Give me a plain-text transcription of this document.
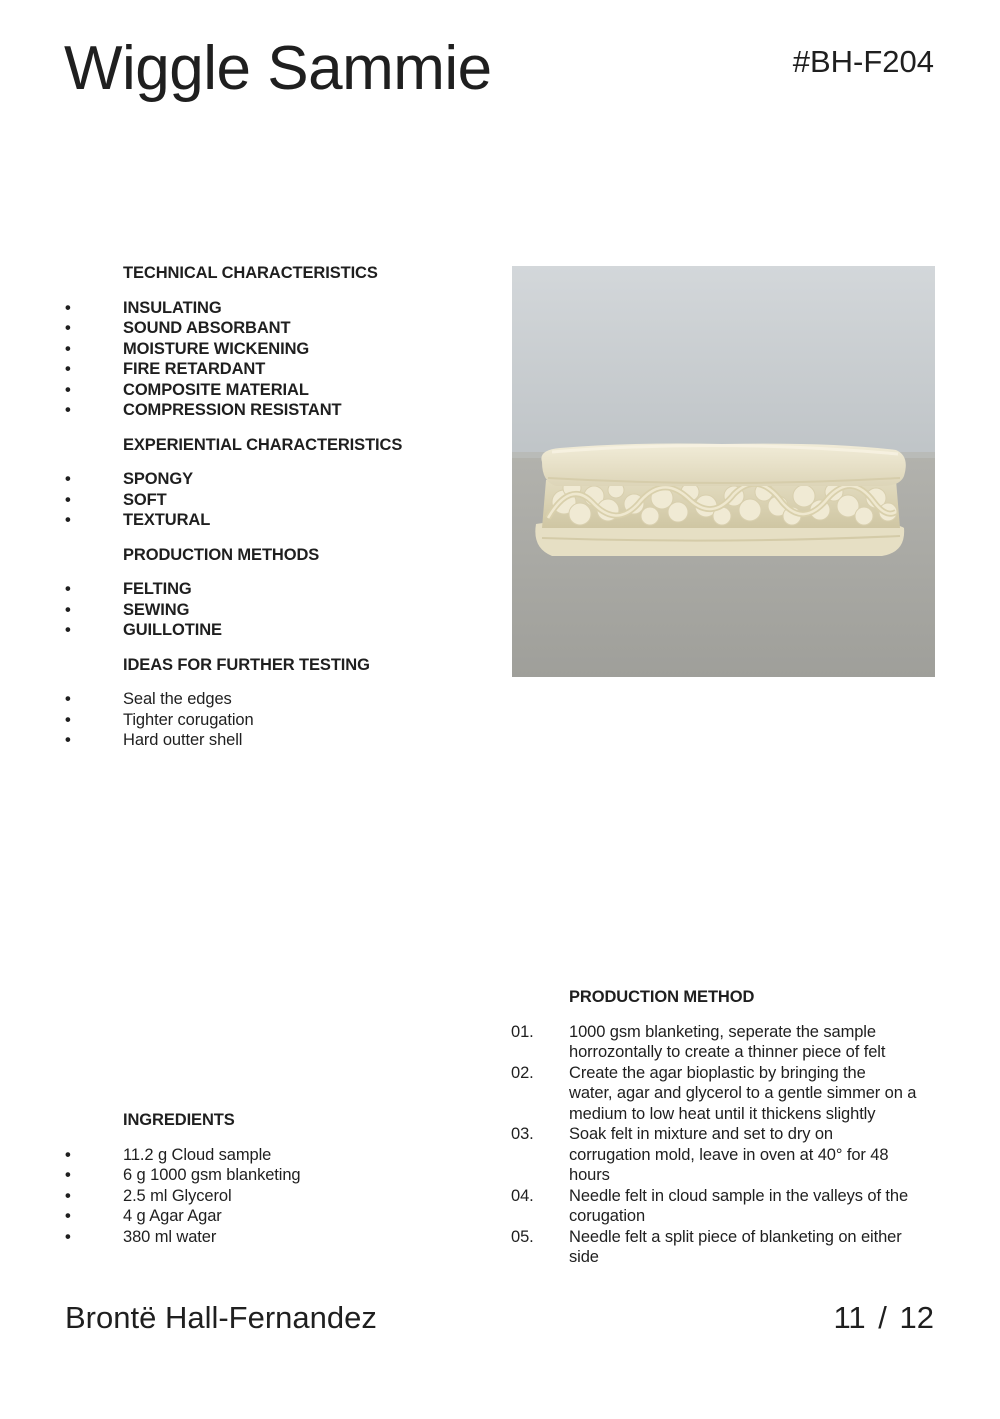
Wiggle Sammie	#BH-F204
TECHNICAL CHARACTERISTICS
•	INSULATING
•	SOUND ABSORBANT
•	MOISTURE WICKENING
•	FIRE RETARDANT
•	COMPOSITE MATERIAL
•	COMPRESSION RESISTANT
EXPERIENTIAL CHARACTERISTICS
•	SPONGY
•	SOFT
•	TEXTURAL
PRODUCTION METHODS
•	FELTING
•	SEWING
•	GUILLOTINE
IDEAS FOR FURTHER TESTING
•	Seal the edges
•	Tighter corugation
•	Hard outter shell
INGREDIENTS
•	11.2 g Cloud sample
•	6 g 1000 gsm blanketing
•	2.5 ml Glycerol
•	4 g Agar Agar
•	380 ml water
PRODUCTION METHOD
01. 1000 gsm blanketing, seperate the sample
horrozontally to create a thinner piece of felt
02. Create the agar bioplastic by bringing the
water, agar and glycerol to a gentle simmer on a
medium to low heat until it thickens slightly
03. Soak felt in mixture and set to dry on
corrugation mold, leave in oven at 40° for 48
hours
04. Needle felt in cloud sample in the valleys of the
corugation
05. Needle felt a split piece of blanketing on either
side
Brontë Hall-Fernandez	11 / 12
